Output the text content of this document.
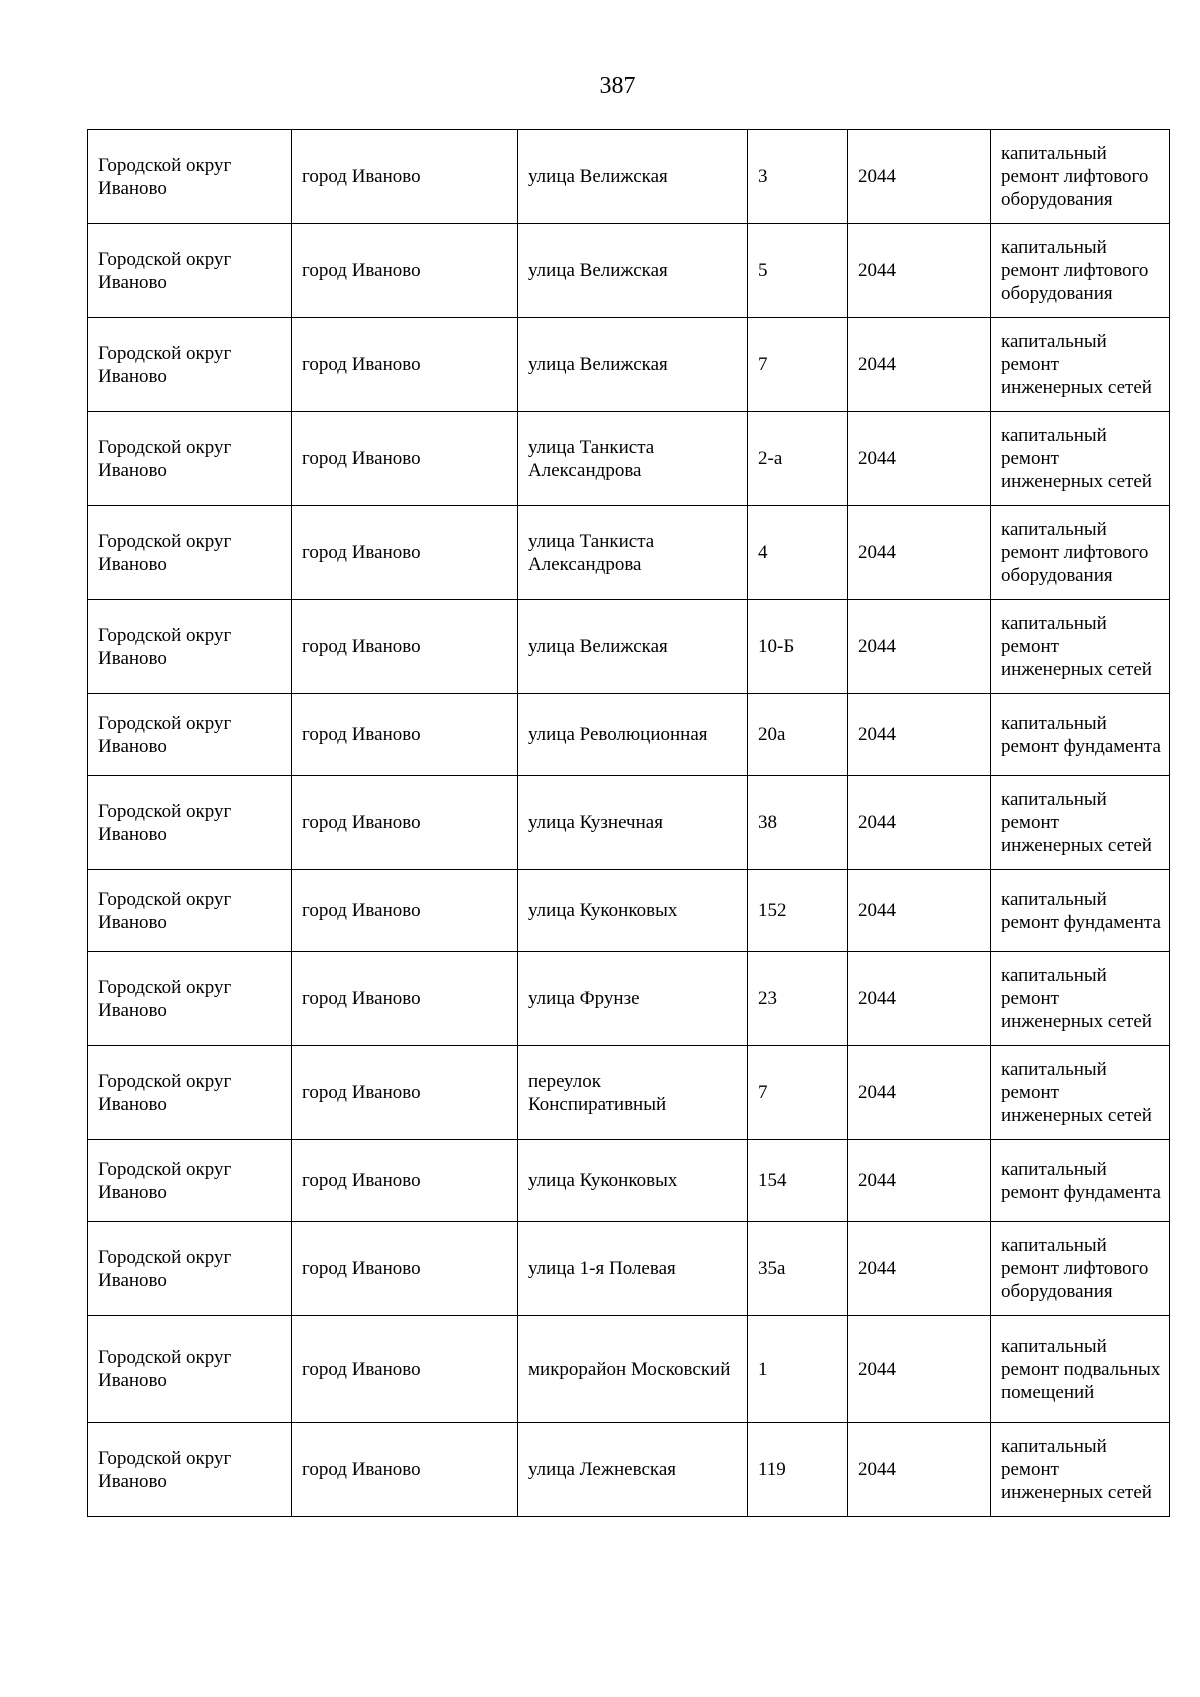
387
Городской округ Иваново	город Иваново	улица Велижская	3	2044	капитальный ремонт лифтового оборудования
Городской округ Иваново	город Иваново	улица Велижская	5	2044	капитальный ремонт лифтового оборудования
Городской округ Иваново	город Иваново	улица Велижская	7	2044	капитальный ремонт инженерных сетей
Городской округ Иваново	город Иваново	улица Танкиста Александрова	2-а	2044	капитальный ремонт инженерных сетей
Городской округ Иваново	город Иваново	улица Танкиста Александрова	4	2044	капитальный ремонт лифтового оборудования
Городской округ Иваново	город Иваново	улица Велижская	10-Б	2044	капитальный ремонт инженерных сетей
Городской округ Иваново	город Иваново	улица Революционная	20а	2044	капитальный ремонт фундамента
Городской округ Иваново	город Иваново	улица Кузнечная	38	2044	капитальный ремонт инженерных сетей
Городской округ Иваново	город Иваново	улица Куконковых	152	2044	капитальный ремонт фундамента
Городской округ Иваново	город Иваново	улица Фрунзе	23	2044	капитальный ремонт инженерных сетей
Городской округ Иваново	город Иваново	переулок Конспиративный	7	2044	капитальный ремонт инженерных сетей
Городской округ Иваново	город Иваново	улица Куконковых	154	2044	капитальный ремонт фундамента
Городской округ Иваново	город Иваново	улица 1-я Полевая	35а	2044	капитальный ремонт лифтового оборудования
Городской округ Иваново	город Иваново	микрорайон Московский	1	2044	капитальный ремонт подвальных помещений
Городской округ Иваново	город Иваново	улица Лежневская	119	2044	капитальный ремонт инженерных сетей
